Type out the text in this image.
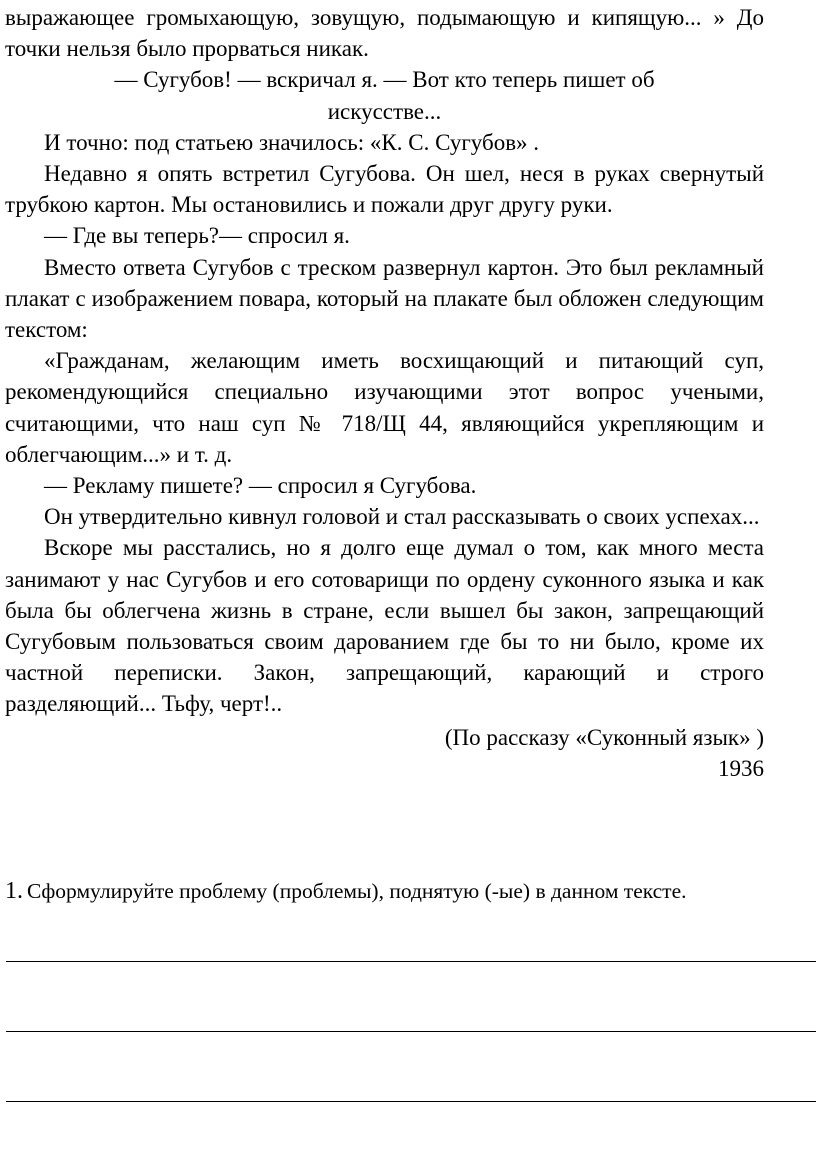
выражающее громыхающую, зовущую, подымающую и кипящую... » До точки нельзя было прорваться никак.

— Сугубов! — вскричал я. — Вот кто теперь пишет об искусстве...

И точно: под статьею значилось: «К. С. Сугубов» .

Недавно я опять встретил Сугубова. Он шел, неся в руках свернутый трубкою картон. Мы остановились и пожали друг другу руки.

— Где вы теперь?— спросил я.

Вместо ответа Сугубов с треском развернул картон. Это был рекламный плакат с изображением повара, который на плакате был обложен следующим текстом:

«Гражданам, желающим иметь восхищающий и питающий суп, рекомендующийся специально изучающими этот вопрос учеными, считающими, что наш суп № 718/Щ 44, являющийся укрепляющим и облегчающим...» и т. д.

— Рекламу пишете? — спросил я Сугубова.

Он утвердительно кивнул головой и стал рассказывать о своих успехах...

Вскоре мы расстались, но я долго еще думал о том, как много места занимают у нас Сугубов и его сотоварищи по ордену суконного языка и как была бы облегчена жизнь в стране, если вышел бы закон, запрещающий Сугубовым пользоваться своим дарованием где бы то ни было, кроме их частной переписки. Закон, запрещающий, карающий и строго разделяющий... Тьфу, черт!..

(По рассказу «Суконный язык» )

1936

1. Сформулируйте проблему (проблемы), поднятую (-ые) в данном тексте.
